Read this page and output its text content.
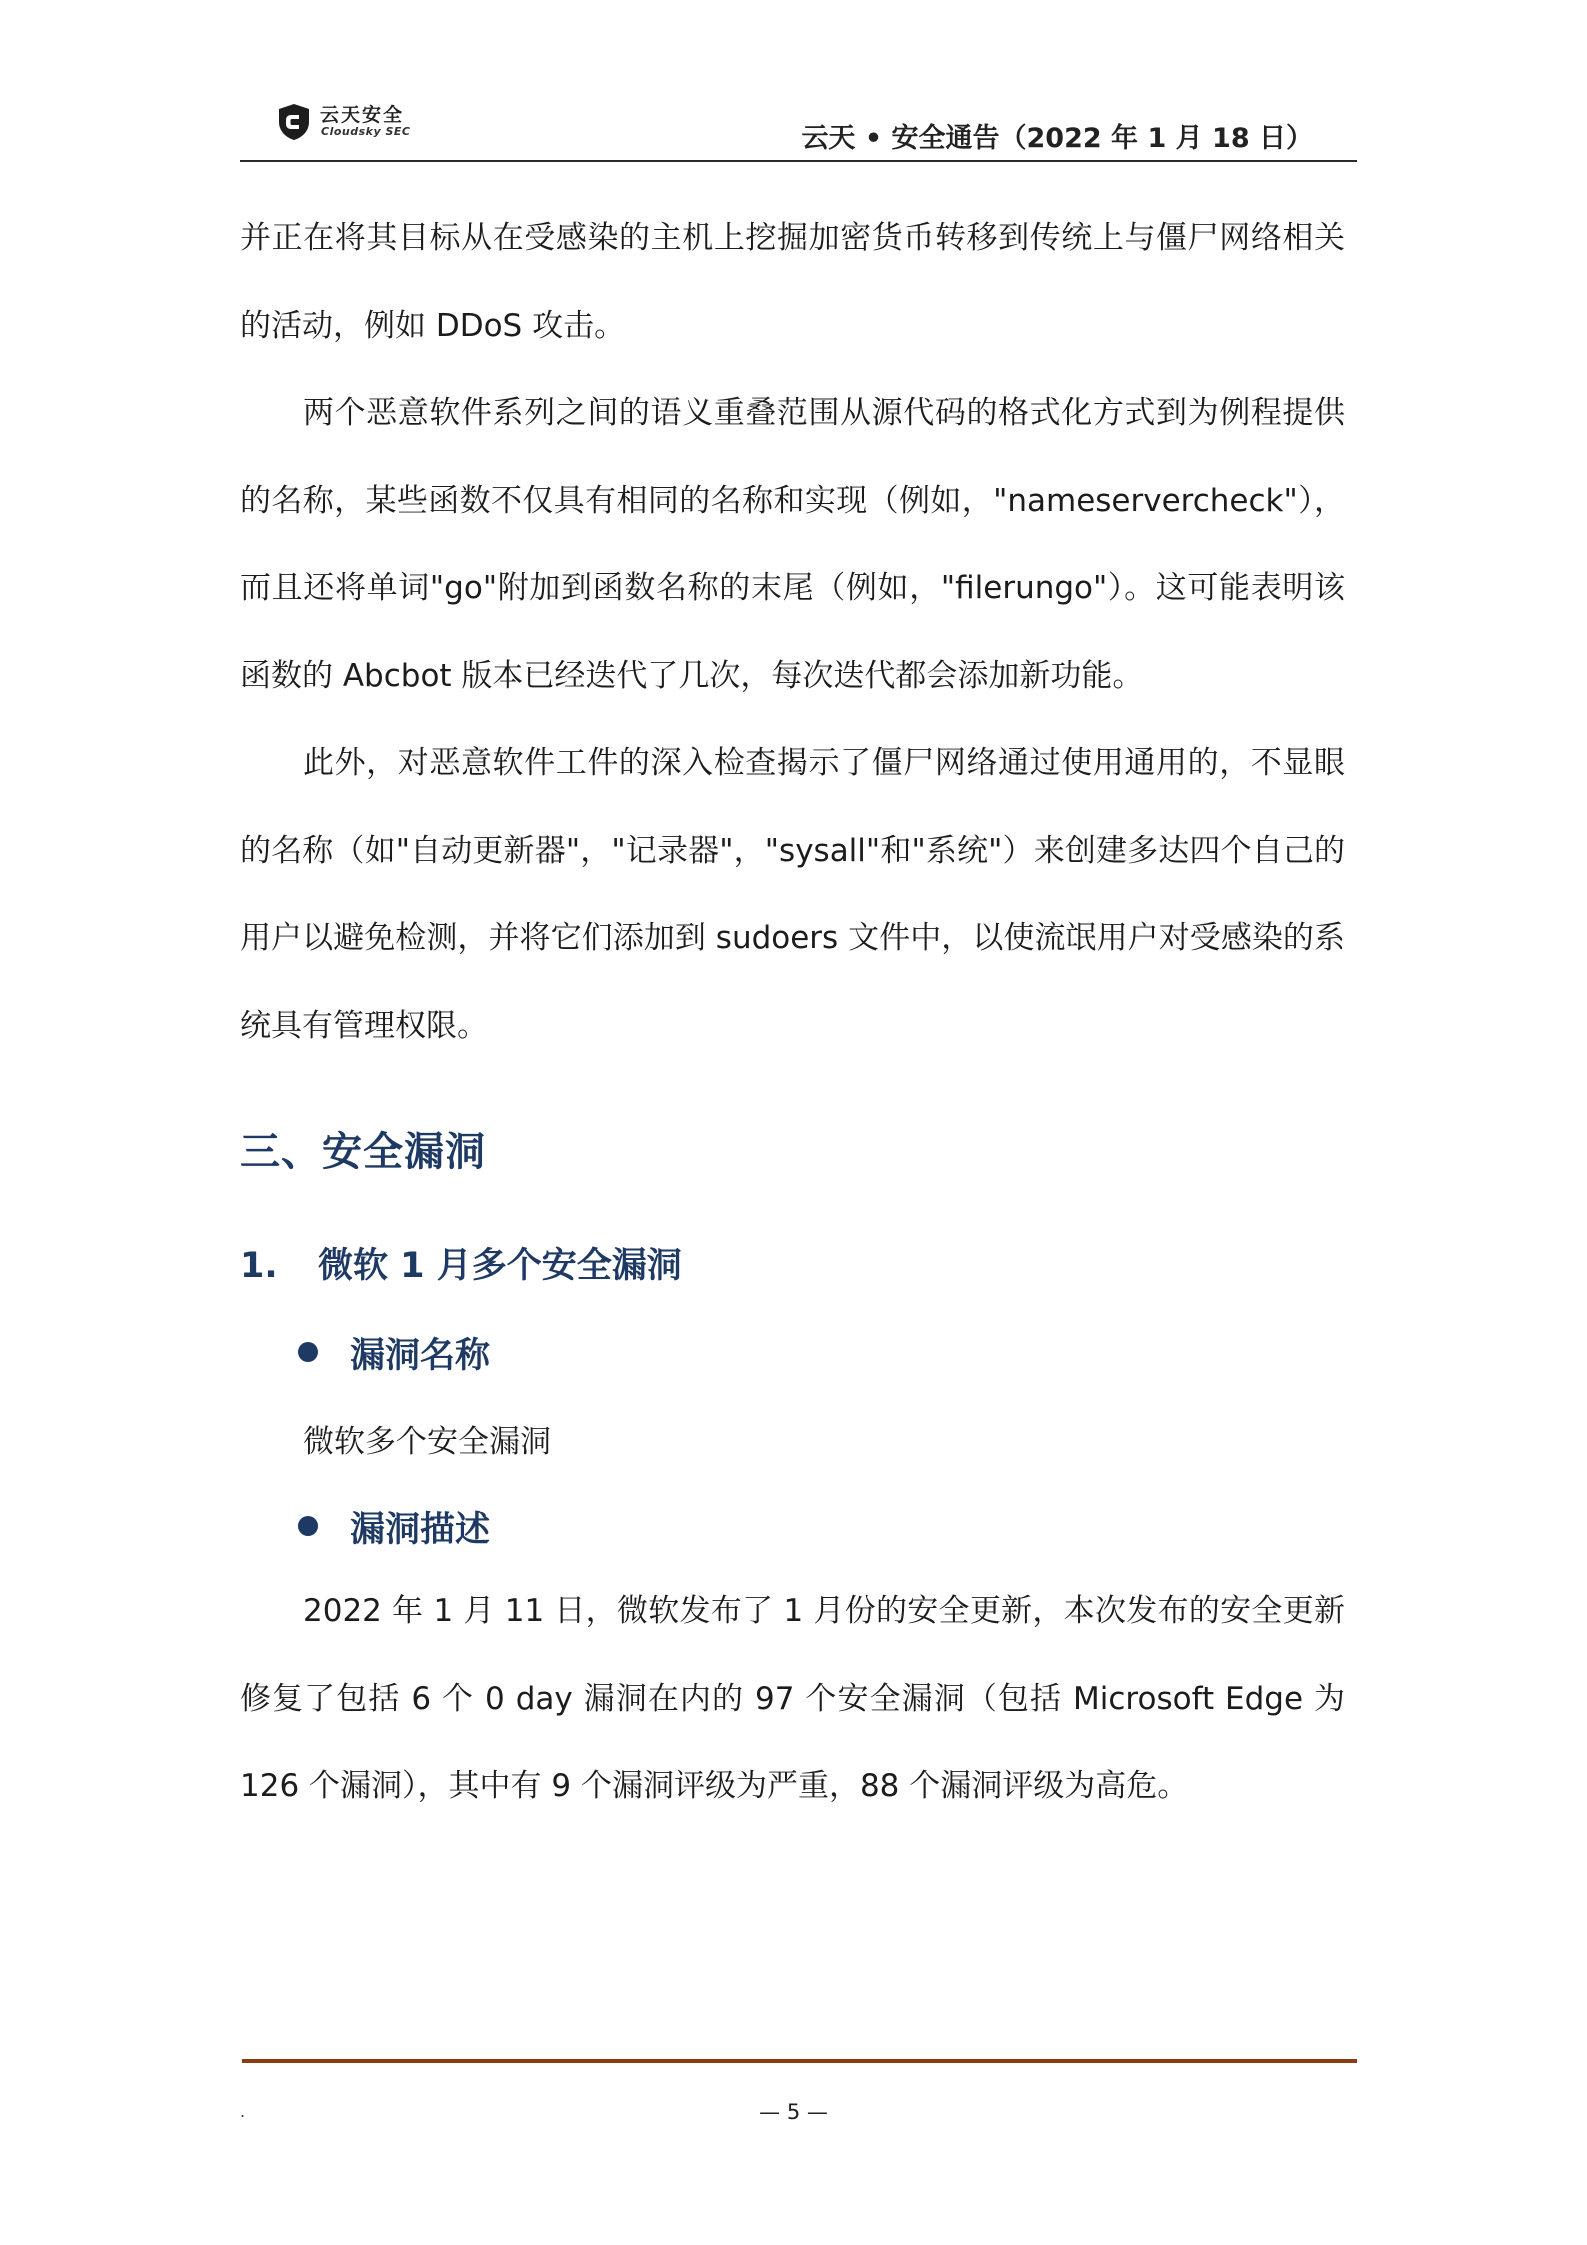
云天安全
Cloudsky SEC	云天 • 安全通告（2022 年 1 月 18 日）
并正在将其目标从在受感染的主机上挖掘加密货币转移到传统上与僵尸网络相关的活动，例如 DDoS 攻击。
两个恶意软件系列之间的语义重叠范围从源代码的格式化方式到为例程提供的名称，某些函数不仅具有相同的名称和实现（例如，"nameservercheck"），而且还将单词"go"附加到函数名称的末尾（例如，"filerungo"）。这可能表明该函数的 Abcbot 版本已经迭代了几次，每次迭代都会添加新功能。
此外，对恶意软件工件的深入检查揭示了僵尸网络通过使用通用的，不显眼的名称（如"自动更新器"，"记录器"，"sysall"和"系统"）来创建多达四个自己的用户以避免检测，并将它们添加到 sudoers 文件中，以使流氓用户对受感染的系统具有管理权限。
三、安全漏洞
1. 微软 1 月多个安全漏洞
漏洞名称
微软多个安全漏洞
漏洞描述
2022 年 1 月 11 日，微软发布了 1 月份的安全更新，本次发布的安全更新修复了包括 6 个 0 day 漏洞在内的 97 个安全漏洞（包括 Microsoft Edge 为 126 个漏洞），其中有 9 个漏洞评级为严重，88 个漏洞评级为高危。
.	— 5 —
